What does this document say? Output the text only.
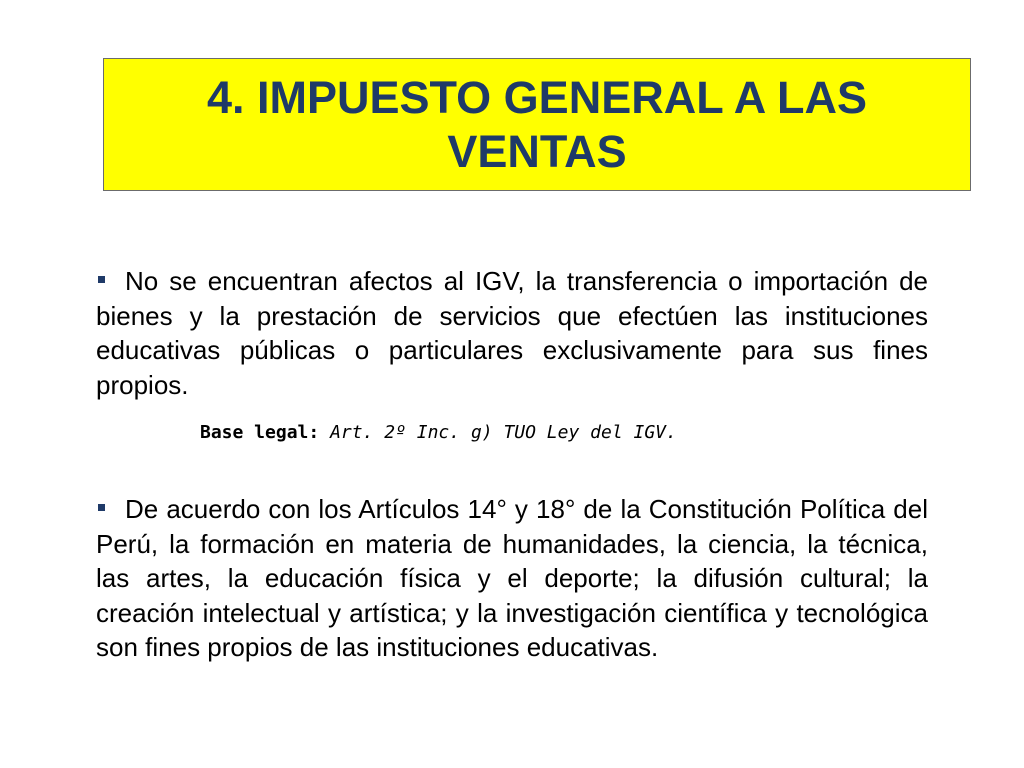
4. IMPUESTO GENERAL A LAS VENTAS

No se encuentran afectos al IGV, la transferencia o importación de bienes y la prestación de servicios que efectúen las instituciones educativas públicas o particulares exclusivamente para sus fines propios.

Base legal: Art. 2º Inc. g) TUO Ley del IGV.

De acuerdo con los Artículos 14° y 18° de la Constitución Política del Perú, la formación en materia de humanidades, la ciencia, la técnica, las artes, la educación física y el deporte; la difusión cultural; la creación intelectual y artística; y la investigación científica y tecnológica son fines propios de las instituciones educativas.
